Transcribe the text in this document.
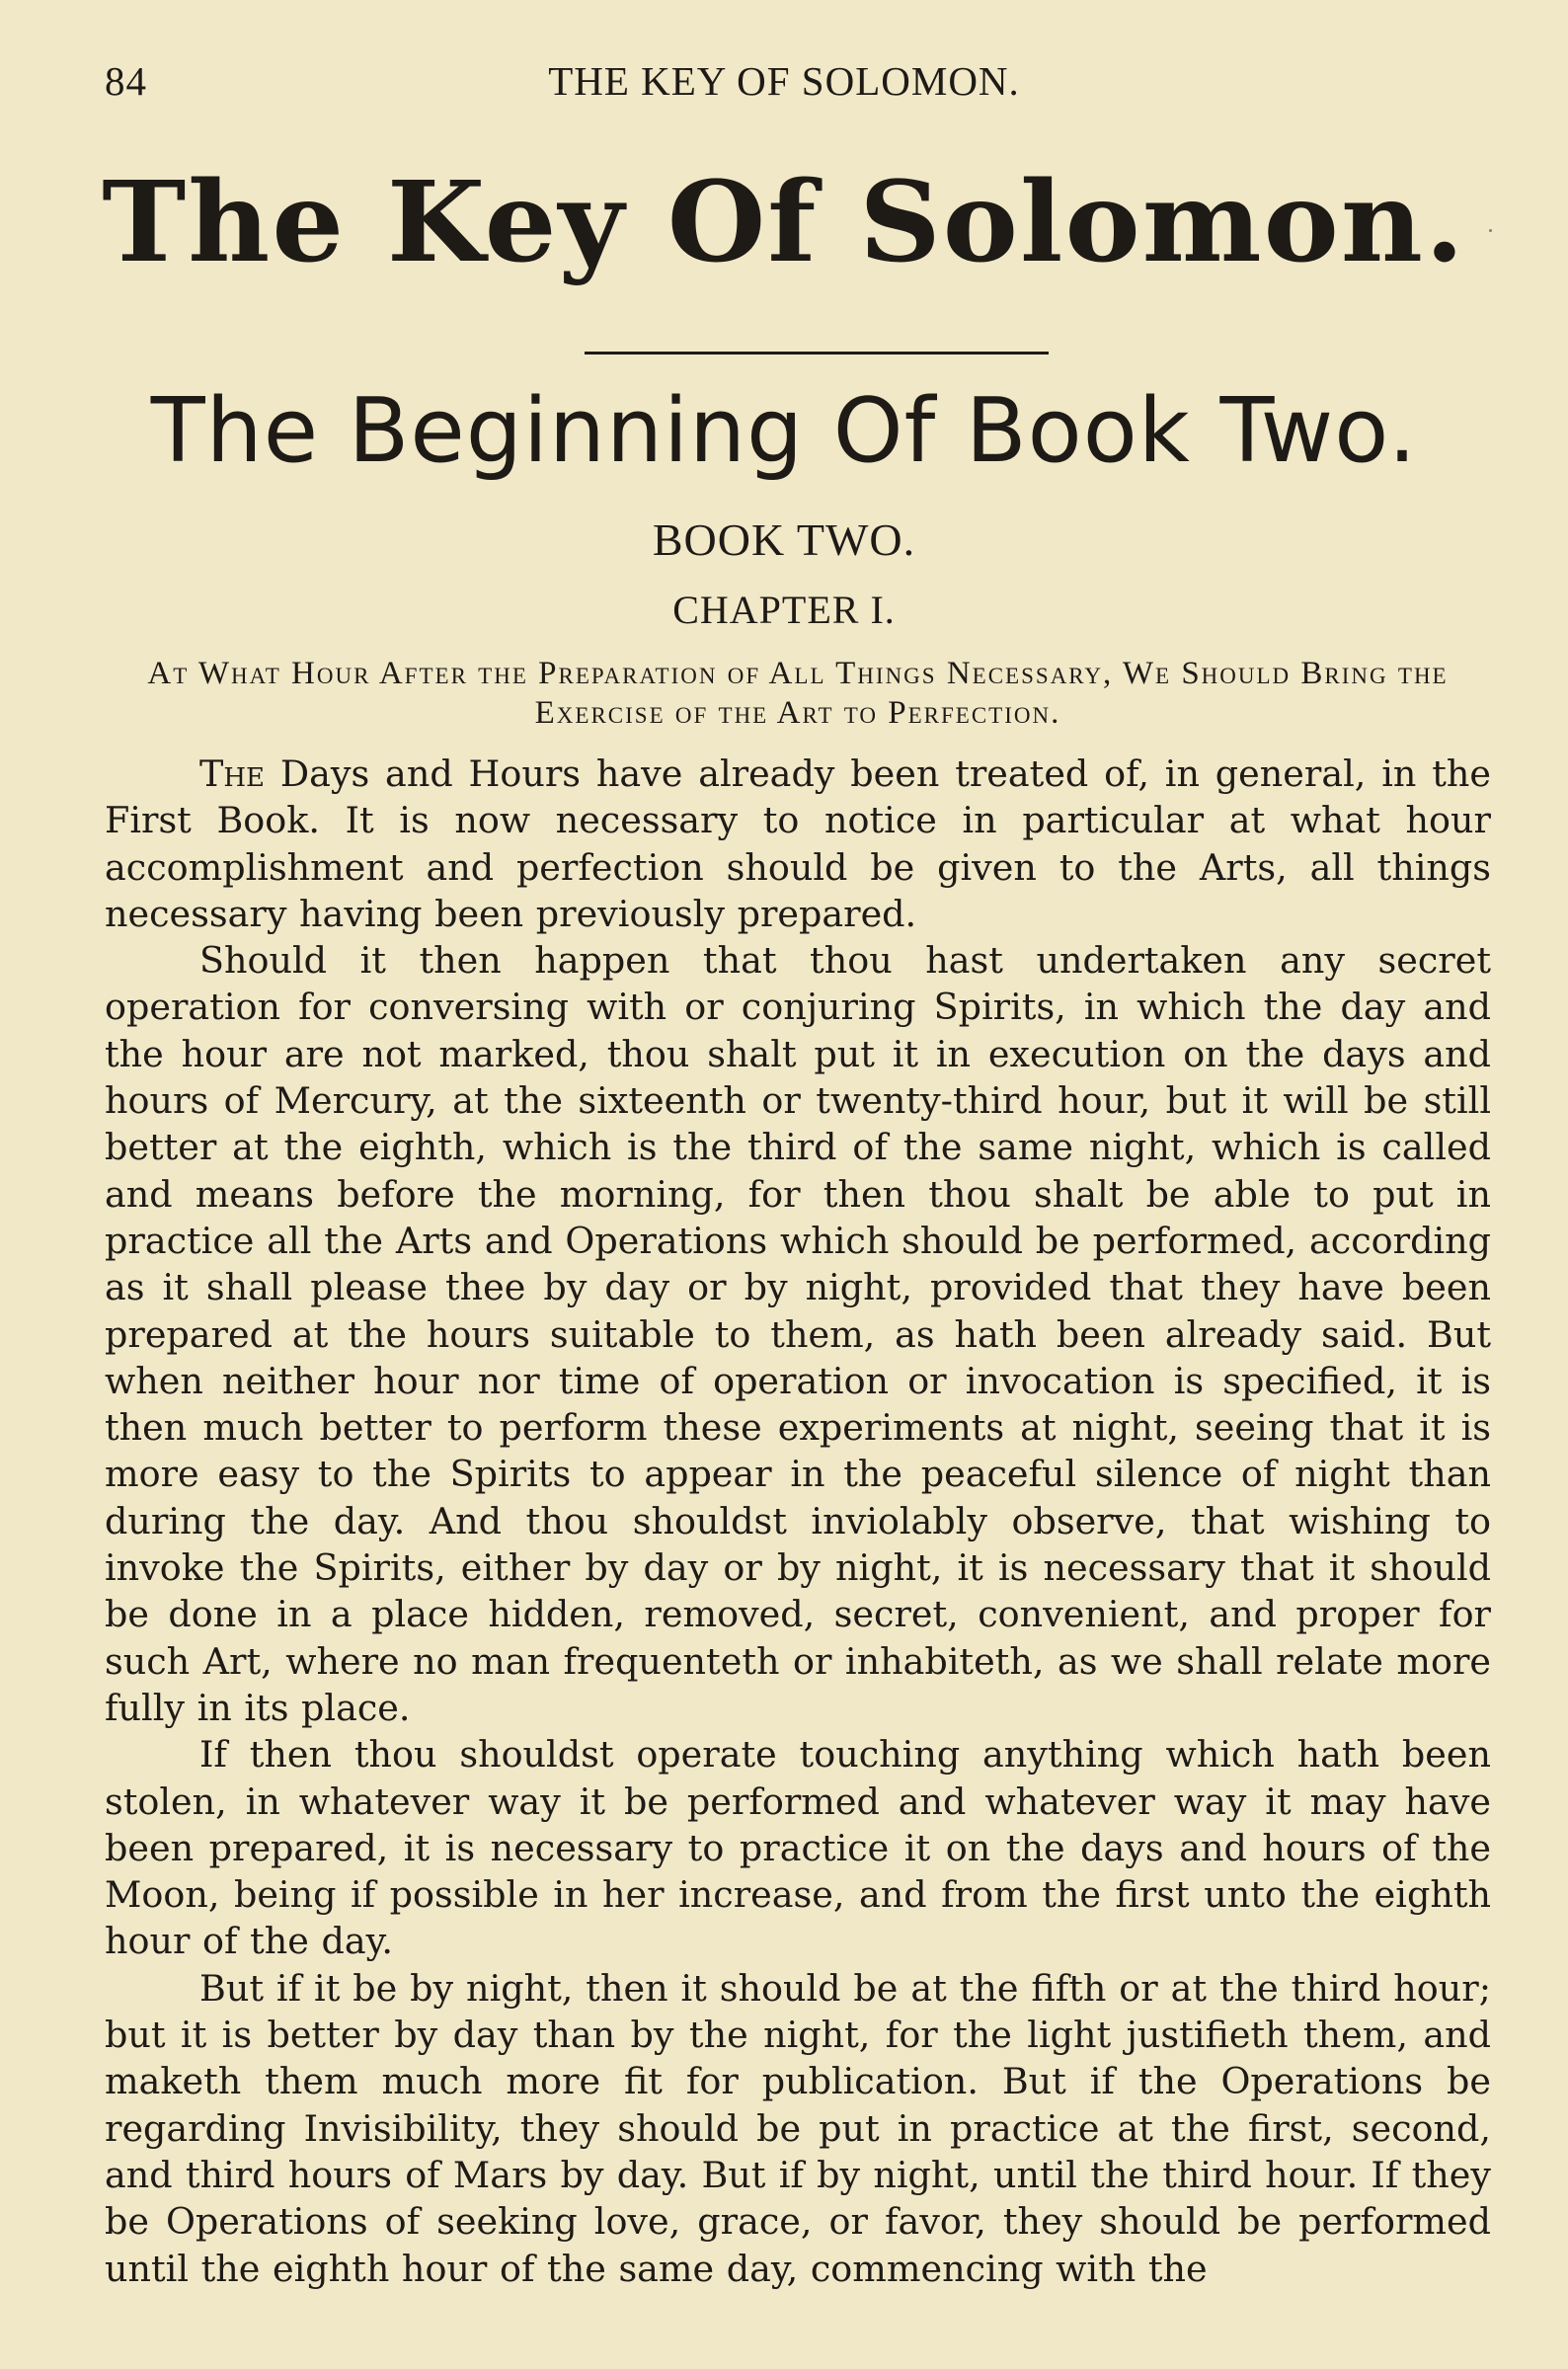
84	THE KEY OF SOLOMON.
The Key Of Solomon.
The Beginning Of Book Two.
BOOK TWO.
CHAPTER I.
At What Hour After the Preparation of All Things Necessary, We Should Bring the Exercise of the Art to Perfection.

The Days and Hours have already been treated of, in general, in the First Book. It is now necessary to notice in particular at what hour accomplishment and perfection should be given to the Arts, all things necessary having been previously prepared.

Should it then happen that thou hast undertaken any secret operation for conversing with or conjuring Spirits, in which the day and the hour are not marked, thou shalt put it in execution on the days and hours of Mercury, at the sixteenth or twenty-third hour, but it will be still better at the eighth, which is the third of the same night, which is called and means before the morning, for then thou shalt be able to put in practice all the Arts and Operations which should be performed, according as it shall please thee by day or by night, provided that they have been prepared at the hours suitable to them, as hath been already said. But when neither hour nor time of operation or invocation is specified, it is then much better to perform these experiments at night, seeing that it is more easy to the Spirits to appear in the peaceful silence of night than during the day. And thou shouldst inviolably observe, that wishing to invoke the Spirits, either by day or by night, it is necessary that it should be done in a place hidden, removed, secret, convenient, and proper for such Art, where no man frequenteth or inhabiteth, as we shall relate more fully in its place.

If then thou shouldst operate touching anything which hath been stolen, in whatever way it be performed and whatever way it may have been prepared, it is necessary to practice it on the days and hours of the Moon, being if possible in her increase, and from the first unto the eighth hour of the day.

But if it be by night, then it should be at the fifth or at the third hour; but it is better by day than by the night, for the light justifieth them, and maketh them much more fit for publication. But if the Operations be regarding Invisibility, they should be put in practice at the first, second, and third hours of Mars by day. But if by night, until the third hour. If they be Operations of seeking love, grace, or favor, they should be performed until the eighth hour of the same day, commencing with the
